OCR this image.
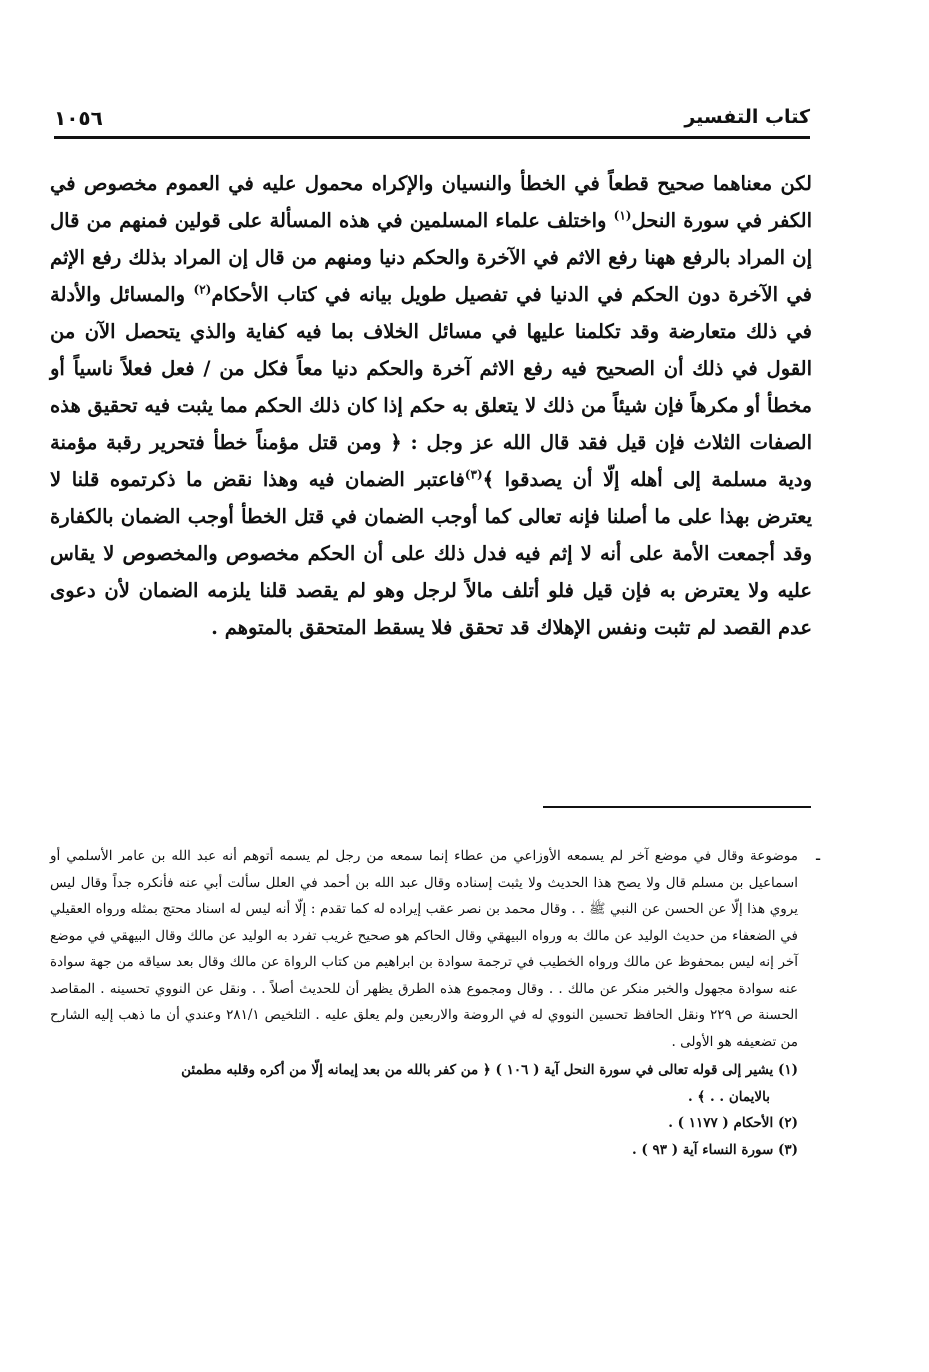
كتاب التفسير
١٠٥٦

لكن معناهما صحيح قطعاً في الخطأ والنسيان والإكراه محمول عليه في العموم مخصوص في الكفر في سورة النحل$^{(١)}$ واختلف علماء المسلمين في هذه المسألة على قولين فمنهم من قال إن المراد بالرفع ههنا رفع الاثم في الآخرة والحكم دنيا ومنهم من قال إن المراد بذلك رفع الإثم في الآخرة دون الحكم في الدنيا في تفصيل طويل بيانه في كتاب الأحكام$^{(٢)}$ والمسائل والأدلة في ذلك متعارضة وقد تكلمنا عليها في مسائل الخلاف بما فيه كفاية والذي يتحصل الآن من القول في ذلك أن الصحيح فيه رفع الاثم آخرة والحكم دنيا معاً فكل من / فعل فعلاً ناسياً أو مخطأ أو مكرهاً فإن شيئاً من ذلك لا يتعلق به حكم إذا كان ذلك الحكم مما يثبت فيه تحقيق هذه الصفات الثلاث فإن قيل فقد قال الله عز وجل : ﴿ ومن قتل مؤمناً خطأ فتحرير رقبة مؤمنة ودية مسلمة إلى أهله إلّا أن يصدقوا ﴾$^{(٣)}$فاعتبر الضمان فيه وهذا نقض ما ذكرتموه قلنا لا يعترض بهذا على ما أصلنا فإنه تعالى كما أوجب الضمان في قتل الخطأ أوجب الضمان بالكفارة وقد أجمعت الأمة على أنه لا إثم فيه فدل ذلك على أن الحكم مخصوص والمخصوص لا يقاس عليه ولا يعترض به فإن قيل فلو أتلف مالاً لرجل وهو لم يقصد قلنا يلزمه الضمان لأن دعوى عدم القصد لم تثبت ونفس الإهلاك قد تحقق فلا يسقط المتحقق بالمتوهم .

ـ

موضوعة وقال في موضع آخر لم يسمعه الأوزاعي من عطاء إنما سمعه من رجل لم يسمه أتوهم أنه عبد الله بن عامر الأسلمي أو اسماعيل بن مسلم قال ولا يصح هذا الحديث ولا يثبت إسناده وقال عبد الله بن أحمد في العلل سألت أبي عنه فأنكره جداً وقال ليس يروي هذا إلّا عن الحسن عن النبي ﷺ . . وقال محمد بن نصر عقب إيراده له كما تقدم : إلّا أنه ليس له اسناد محتج بمثله ورواه العقيلي في الضعفاء من حديث الوليد عن مالك به ورواه البيهقي وقال الحاكم هو صحيح غريب تفرد به الوليد عن مالك وقال البيهقي في موضع آخر إنه ليس بمحفوظ عن مالك ورواه الخطيب في ترجمة سوادة بن ابراهيم من كتاب الرواة عن مالك وقال بعد سياقه من جهة سوادة عنه سوادة مجهول والخبر منكر عن مالك . . وقال ومجموع هذه الطرق يظهر أن للحديث أصلاً . . ونقل عن النووي تحسينه . المقاصد الحسنة ص ٢٢٩ ونقل الحافظ تحسين النووي له في الروضة والاربعين ولم يعلق عليه . التلخيص ٢٨١/١ وعندي أن ما ذهب إليه الشارح من تضعيفه هو الأولى .

(١) يشير إلى قوله تعالى في سورة النحل آية ( ١٠٦ ) ﴿ من كفر بالله من بعد إيمانه إلّا من أكره وقلبه مطمئن

بالايمان . . ﴾ .

(٢) الأحكام ( ١١٧٧ ) .

(٣) سورة النساء آية ( ٩٣ ) .
